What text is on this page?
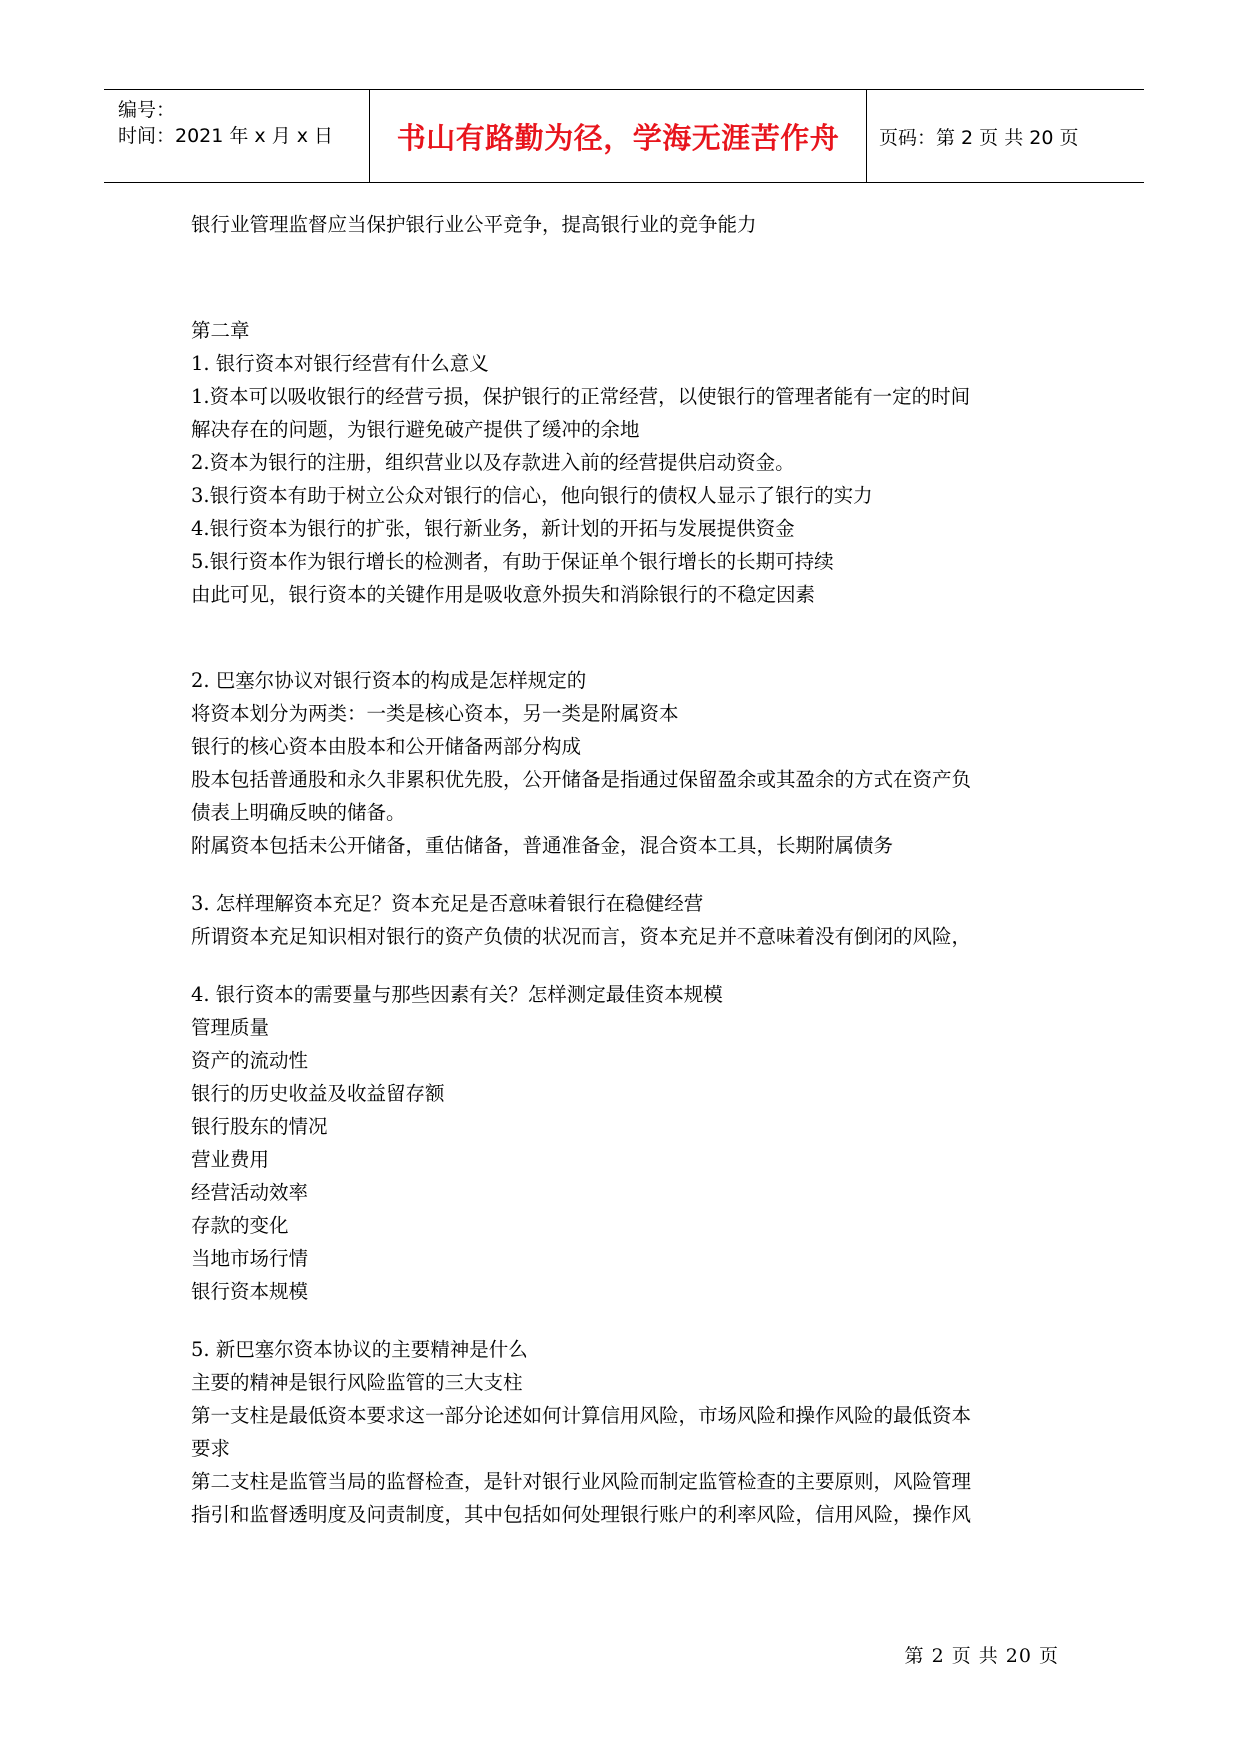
编号：
时间：2021 年 x 月 x 日	书山有路勤为径，学海无涯苦作舟	页码：第 2 页 共 20 页
银行业管理监督应当保护银行业公平竞争，提高银行业的竞争能力
第二章
1. 银行资本对银行经营有什么意义
1.资本可以吸收银行的经营亏损，保护银行的正常经营，以使银行的管理者能有一定的时间
解决存在的问题，为银行避免破产提供了缓冲的余地
2.资本为银行的注册，组织营业以及存款进入前的经营提供启动资金。
3.银行资本有助于树立公众对银行的信心，他向银行的债权人显示了银行的实力
4.银行资本为银行的扩张，银行新业务，新计划的开拓与发展提供资金
5.银行资本作为银行增长的检测者，有助于保证单个银行增长的长期可持续
由此可见，银行资本的关键作用是吸收意外损失和消除银行的不稳定因素
2. 巴塞尔协议对银行资本的构成是怎样规定的
将资本划分为两类：一类是核心资本，另一类是附属资本
银行的核心资本由股本和公开储备两部分构成
股本包括普通股和永久非累积优先股，公开储备是指通过保留盈余或其盈余的方式在资产负
债表上明确反映的储备。
附属资本包括未公开储备，重估储备，普通准备金，混合资本工具，长期附属债务
3. 怎样理解资本充足？资本充足是否意味着银行在稳健经营
所谓资本充足知识相对银行的资产负债的状况而言，资本充足并不意味着没有倒闭的风险，
4. 银行资本的需要量与那些因素有关？怎样测定最佳资本规模
管理质量
资产的流动性
银行的历史收益及收益留存额
银行股东的情况
营业费用
经营活动效率
存款的变化
当地市场行情
银行资本规模
5. 新巴塞尔资本协议的主要精神是什么
主要的精神是银行风险监管的三大支柱
第一支柱是最低资本要求这一部分论述如何计算信用风险，市场风险和操作风险的最低资本
要求
第二支柱是监管当局的监督检查，是针对银行业风险而制定监管检查的主要原则，风险管理
指引和监督透明度及问责制度，其中包括如何处理银行账户的利率风险，信用风险，操作风
第 2 页 共 20 页
